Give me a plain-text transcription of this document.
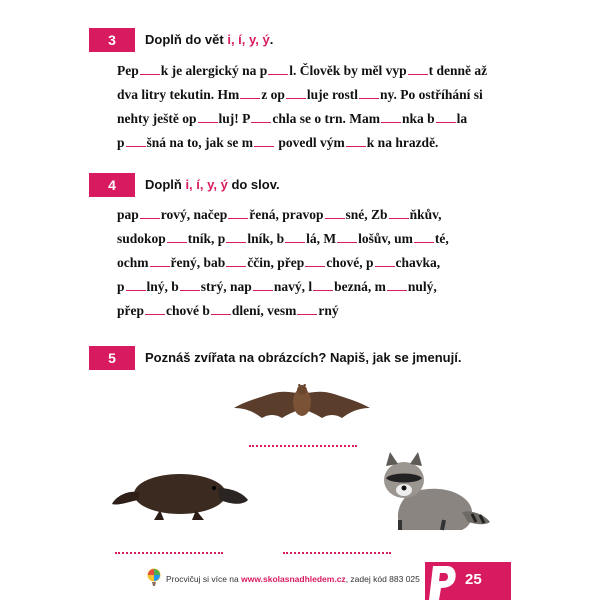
3	Doplň do vět i, í, y, ý.
Pep k je alergický na p l. Člověk by měl vyp t denně až
dva litry tekutin. Hm z op luje rostl ny. Po ostříhání si
nehty ještě op luj! P chla se o trn. Mam nka b la
p šná na to, jak se m povedl vým k na hrazdě.
4	Doplň i, í, y, ý do slov.
pap rový, načep řená, pravop sné, Zb ňkův,
sudokop tník, p lník, b lá, M lošův, um té,
ochm řený, bab ččin, přep chové, p chavka,
p lný, b strý, nap navý, l bezná, m nulý,
přep chové b dlení, vesm rný
5	Poznáš zvířata na obrázcích? Napiš, jak se jmenují.
Procvičuj si více na www.skolasnadhledem.cz, zadej kód 883 025	25
